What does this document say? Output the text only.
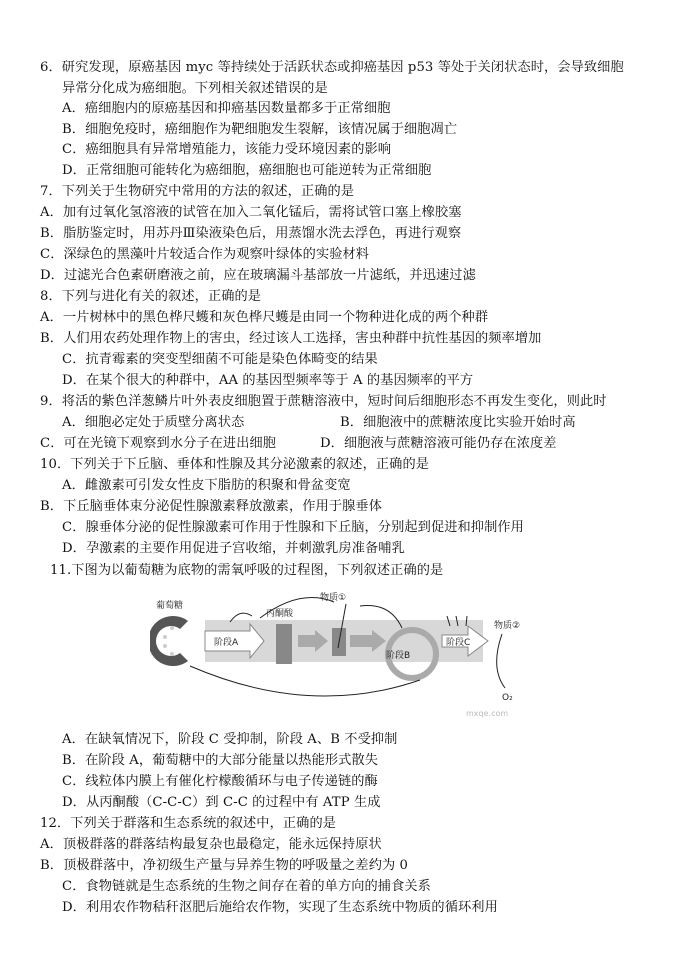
6．研究发现，原癌基因 myc 等持续处于活跃状态或抑癌基因 p53 等处于关闭状态时，会导致细胞
异常分化成为癌细胞。下列相关叙述错误的是
A．癌细胞内的原癌基因和抑癌基因数量都多于正常细胞
B．细胞免疫时，癌细胞作为靶细胞发生裂解，该情况属于细胞凋亡
C．癌细胞具有异常增殖能力，该能力受环境因素的影响
D．正常细胞可能转化为癌细胞，癌细胞也可能逆转为正常细胞
7．下列关于生物研究中常用的方法的叙述，正确的是
A．加有过氧化氢溶液的试管在加入二氧化锰后，需将试管口塞上橡胶塞
B．脂肪鉴定时，用苏丹Ⅲ染液染色后，用蒸馏水洗去浮色，再进行观察
C．深绿色的黑藻叶片较适合作为观察叶绿体的实验材料
D．过滤光合色素研磨液之前，应在玻璃漏斗基部放一片滤纸，并迅速过滤
8．下列与进化有关的叙述，正确的是
A．一片树林中的黑色桦尺蠖和灰色桦尺蠖是由同一个物种进化成的两个种群
B．人们用农药处理作物上的害虫，经过该人工选择，害虫种群中抗性基因的频率增加
C．抗青霉素的突变型细菌不可能是染色体畸变的结果
D．在某个很大的种群中，AA 的基因型频率等于 A 的基因频率的平方
9．将活的紫色洋葱鳞片叶外表皮细胞置于蔗糖溶液中，短时间后细胞形态不再发生变化，则此时
A．细胞必定处于质壁分离状态	B．细胞液中的蔗糖浓度比实验开始时高
C．可在光镜下观察到水分子在进出细胞	D．细胞液与蔗糖溶液可能仍存在浓度差
10．下列关于下丘脑、垂体和性腺及其分泌激素的叙述，正确的是
A．雌激素可引发女性皮下脂肪的积聚和骨盆变宽
B．下丘脑垂体束分泌促性腺激素释放激素，作用于腺垂体
C．腺垂体分泌的促性腺激素可作用于性腺和下丘脑，分别起到促进和抑制作用
D．孕激素的主要作用促进子宫收缩，并刺激乳房准备哺乳
11.下图为以葡萄糖为底物的需氧呼吸的过程图，下列叙述正确的是
葡萄糖
阶段A
丙酮酸
阶段B
阶段C
物质①
物质②
O₂
mxqe.com
A．在缺氧情况下，阶段 C 受抑制，阶段 A、B 不受抑制
B．在阶段 A，葡萄糖中的大部分能量以热能形式散失
C．线粒体内膜上有催化柠檬酸循环与电子传递链的酶
D．从丙酮酸（C-C-C）到 C-C 的过程中有 ATP 生成
12．下列关于群落和生态系统的叙述中，正确的是
A．顶极群落的群落结构最复杂也最稳定，能永远保持原状
B．顶极群落中，净初级生产量与异养生物的呼吸量之差约为 0
C．食物链就是生态系统的生物之间存在着的单方向的捕食关系
D．利用农作物秸秆沤肥后施给农作物，实现了生态系统中物质的循环利用
